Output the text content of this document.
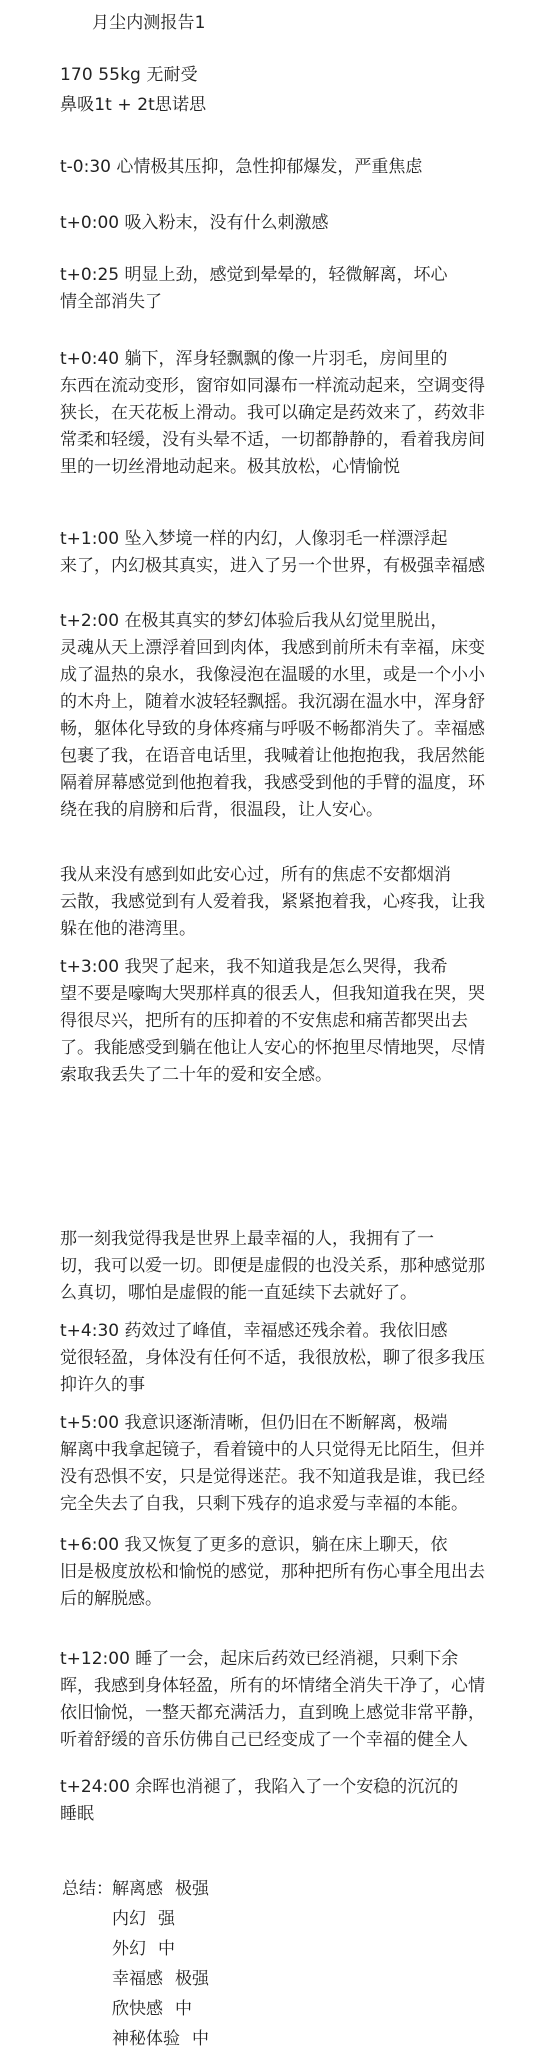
月尘内测报告1
170 55kg 无耐受
鼻吸1t + 2t思诺思
t-0:30 心情极其压抑，急性抑郁爆发，严重焦虑
t+0:00 吸入粉末，没有什么刺激感
t+0:25 明显上劲，感觉到晕晕的，轻微解离，坏心
情全部消失了
t+0:40 躺下，浑身轻飘飘的像一片羽毛，房间里的
东西在流动变形，窗帘如同瀑布一样流动起来，空调变得
狭长，在天花板上滑动。我可以确定是药效来了，药效非
常柔和轻缓，没有头晕不适，一切都静静的，看着我房间
里的一切丝滑地动起来。极其放松，心情愉悦
t+1:00 坠入梦境一样的内幻，人像羽毛一样漂浮起
来了，内幻极其真实，进入了另一个世界，有极强幸福感
t+2:00 在极其真实的梦幻体验后我从幻觉里脱出，
灵魂从天上漂浮着回到肉体，我感到前所未有幸福，床变
成了温热的泉水，我像浸泡在温暖的水里，或是一个小小
的木舟上，随着水波轻轻飘摇。我沉溺在温水中，浑身舒
畅，躯体化导致的身体疼痛与呼吸不畅都消失了。幸福感
包裹了我，在语音电话里，我喊着让他抱抱我，我居然能
隔着屏幕感觉到他抱着我，我感受到他的手臂的温度，环
绕在我的肩膀和后背，很温段，让人安心。
我从来没有感到如此安心过，所有的焦虑不安都烟消
云散，我感觉到有人爱着我，紧紧抱着我，心疼我，让我
躲在他的港湾里。
t+3:00 我哭了起来，我不知道我是怎么哭得，我希
望不要是嚎啕大哭那样真的很丢人，但我知道我在哭，哭
得很尽兴，把所有的压抑着的不安焦虑和痛苦都哭出去
了。我能感受到躺在他让人安心的怀抱里尽情地哭，尽情
索取我丢失了二十年的爱和安全感。
那一刻我觉得我是世界上最幸福的人，我拥有了一
切，我可以爱一切。即便是虚假的也没关系，那种感觉那
么真切，哪怕是虚假的能一直延续下去就好了。
t+4:30 药效过了峰值，幸福感还残余着。我依旧感
觉很轻盈，身体没有任何不适，我很放松，聊了很多我压
抑许久的事
t+5:00 我意识逐渐清晰，但仍旧在不断解离，极端
解离中我拿起镜子，看着镜中的人只觉得无比陌生，但并
没有恐惧不安，只是觉得迷茫。我不知道我是谁，我已经
完全失去了自我，只剩下残存的追求爱与幸福的本能。
t+6:00 我又恢复了更多的意识，躺在床上聊天，依
旧是极度放松和愉悦的感觉，那种把所有伤心事全甩出去
后的解脱感。
t+12:00 睡了一会，起床后药效已经消褪，只剩下余
晖，我感到身体轻盈，所有的坏情绪全消失干净了，心情
依旧愉悦，一整天都充满活力，直到晚上感觉非常平静，
听着舒缓的音乐仿佛自己已经变成了一个幸福的健全人
t+24:00 余晖也消褪了，我陷入了一个安稳的沉沉的
睡眠
总结： 解离感 极强
内幻 强
外幻 中
幸福感 极强
欣快感 中
神秘体验 中
